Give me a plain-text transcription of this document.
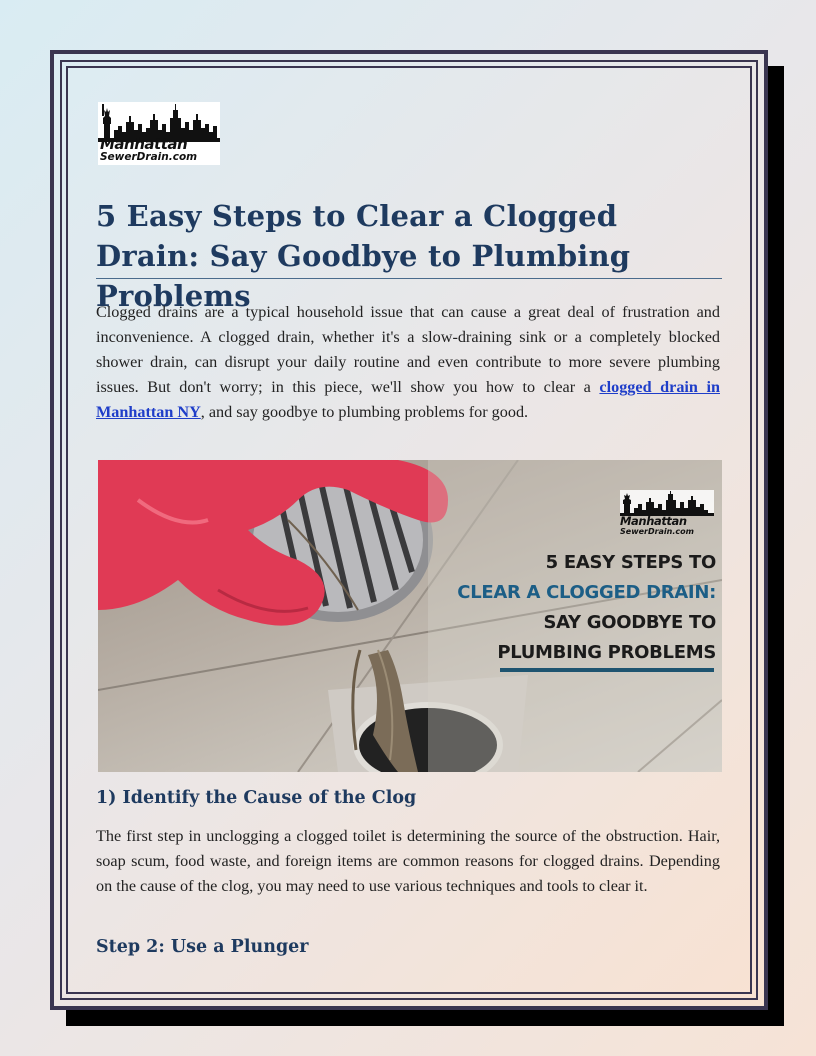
Manhattan
SewerDrain.com
5 Easy Steps to Clear a Clogged Drain: Say Goodbye to Plumbing Problems

Clogged drains are a typical household issue that can cause a great deal of frustration and inconvenience. A clogged drain, whether it's a slow-draining sink or a completely blocked shower drain, can disrupt your daily routine and even contribute to more severe plumbing issues. But don't worry; in this piece, we'll show you how to clear a clogged drain in Manhattan NY, and say goodbye to plumbing problems for good.

Manhattan
SewerDrain.com
5 EASY STEPS TO
CLEAR A CLOGGED DRAIN:
SAY GOODBYE TO
PLUMBING PROBLEMS
1) Identify the Cause of the Clog

The first step in unclogging a clogged toilet is determining the source of the obstruction. Hair, soap scum, food waste, and foreign items are common reasons for clogged drains. Depending on the cause of the clog, you may need to use various techniques and tools to clear it.

Step 2: Use a Plunger
